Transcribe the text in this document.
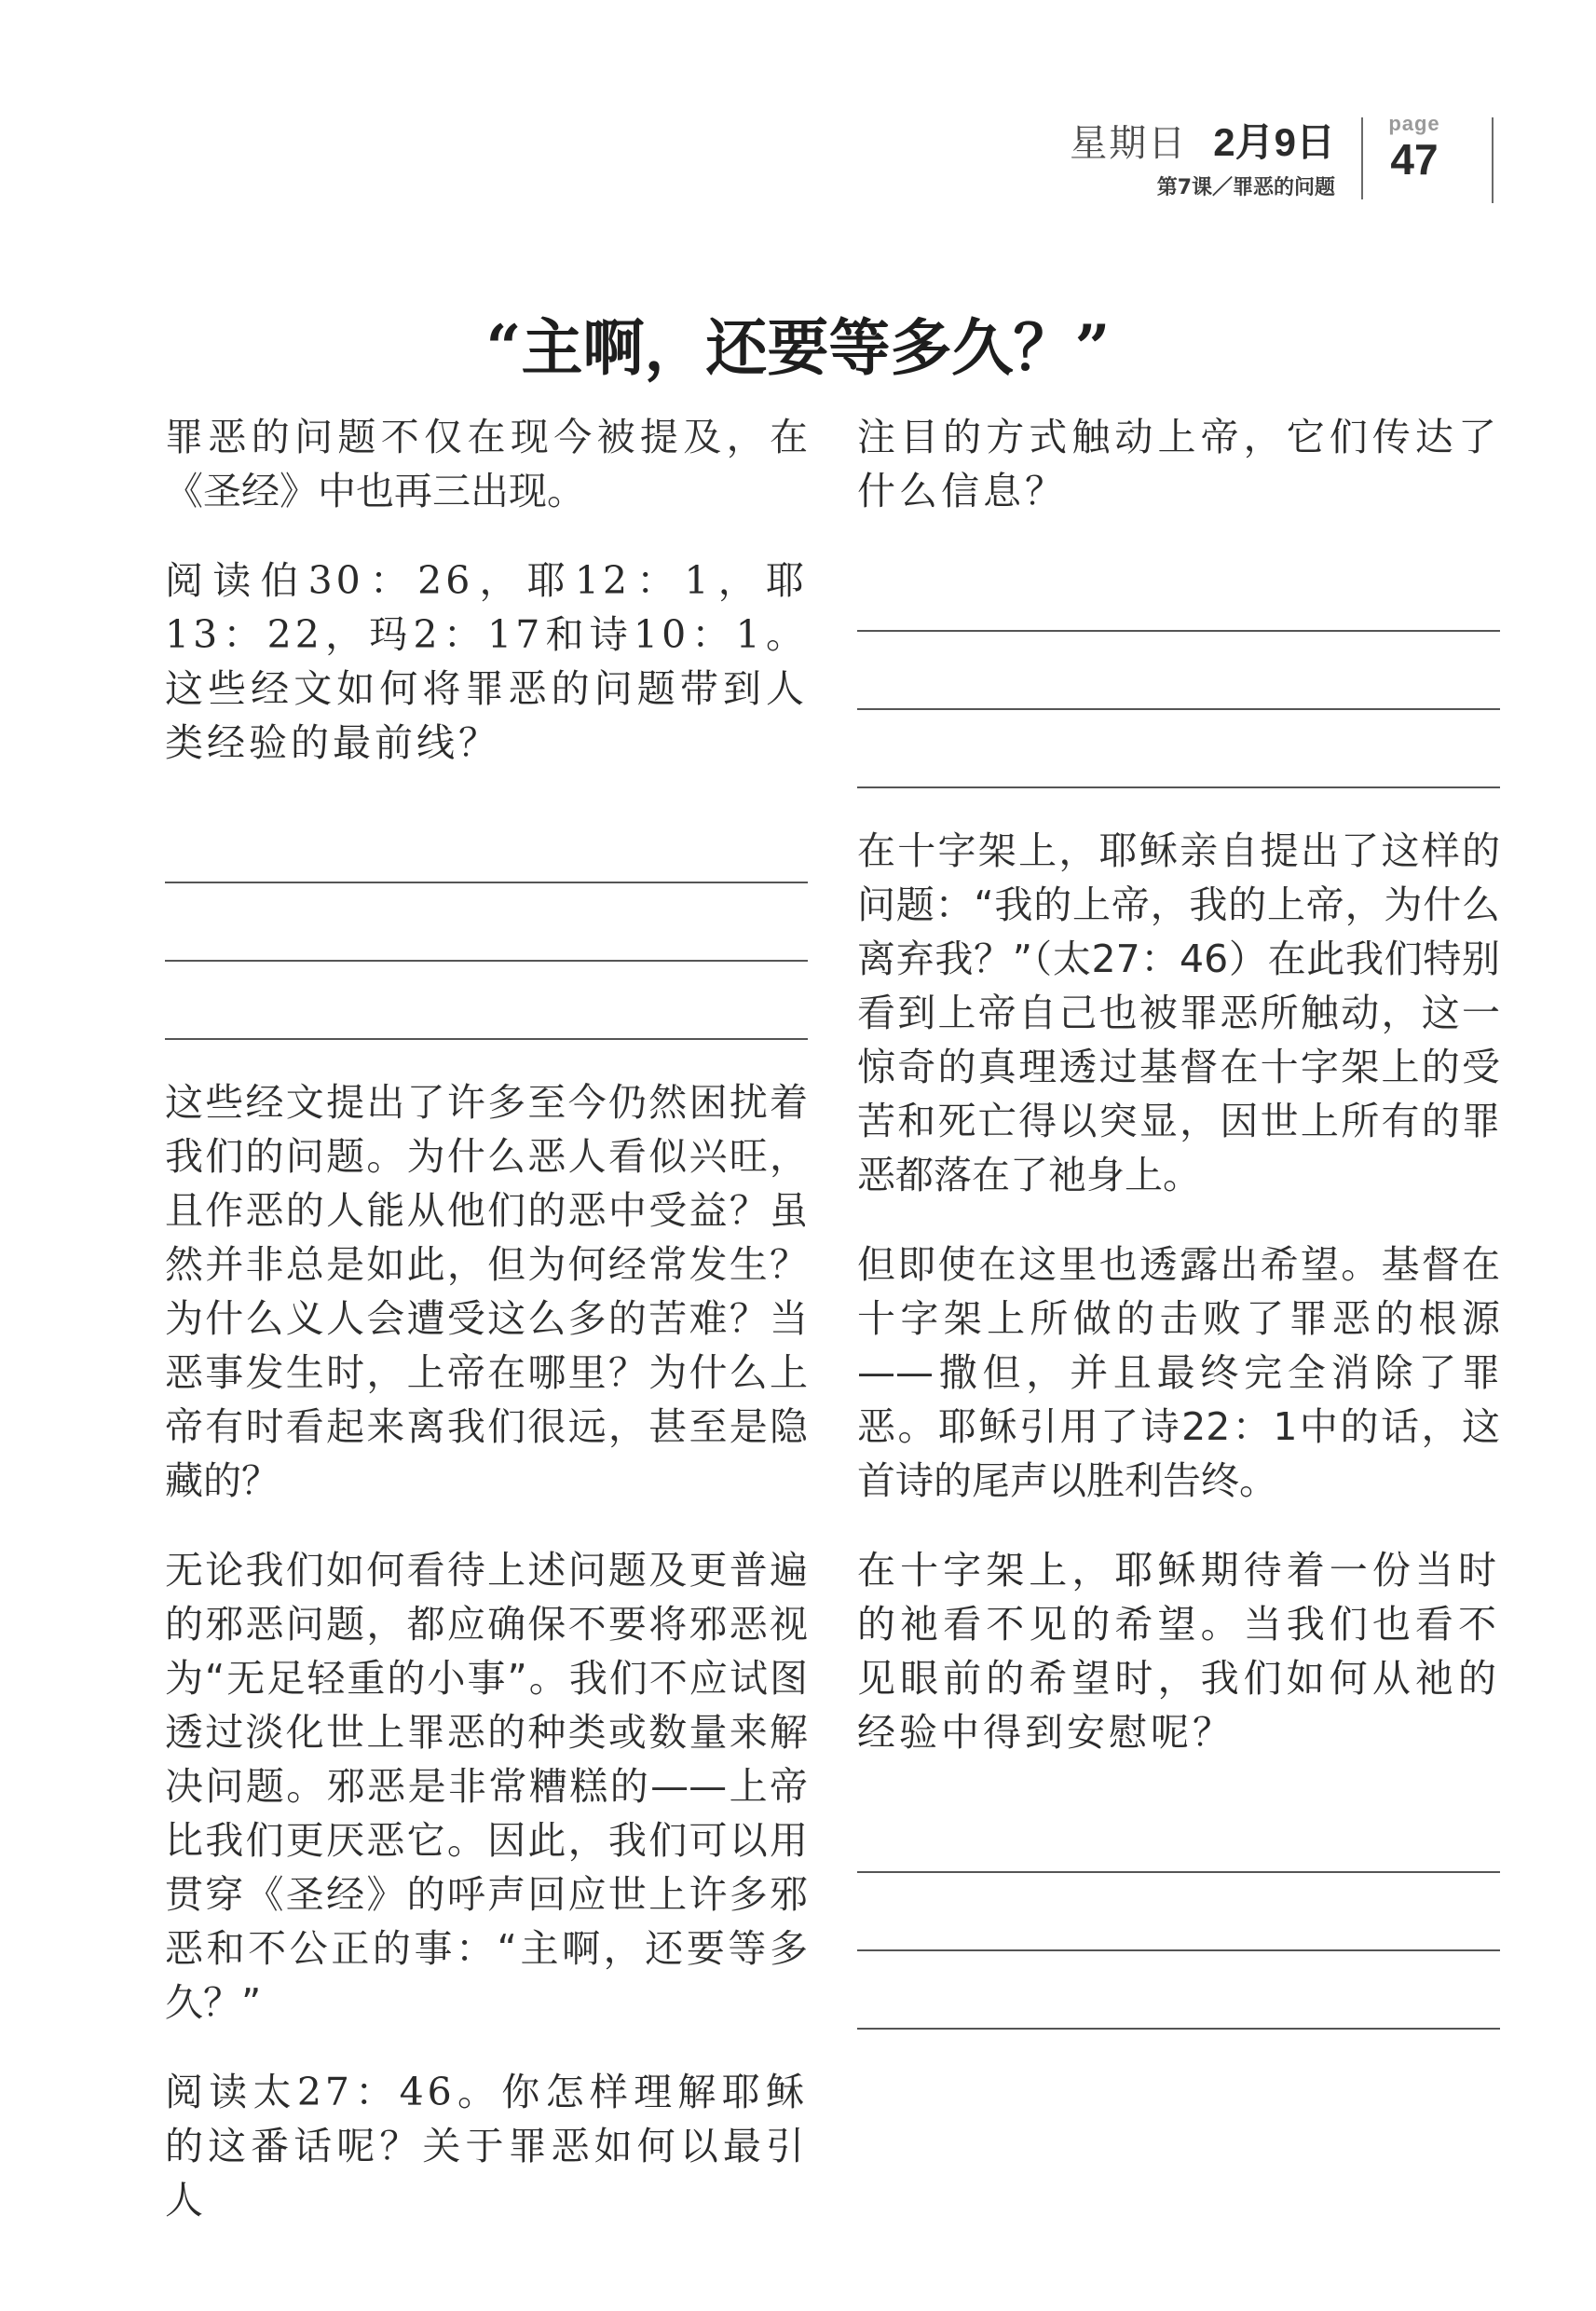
星期日 2月9日
第7课／罪恶的问题
page
47
“主啊，还要等多久？”

罪恶的问题不仅在现今被提及，在《圣经》中也再三出现。

阅读伯30：26，耶12：1，耶13：22，玛2：17和诗10：1。这些经文如何将罪恶的问题带到人类经验的最前线？

这些经文提出了许多至今仍然困扰着我们的问题。为什么恶人看似兴旺，且作恶的人能从他们的恶中受益？虽然并非总是如此，但为何经常发生？为什么义人会遭受这么多的苦难？当恶事发生时，上帝在哪里？为什么上帝有时看起来离我们很远，甚至是隐藏的？

无论我们如何看待上述问题及更普遍的邪恶问题，都应确保不要将邪恶视为“无足轻重的小事”。我们不应试图透过淡化世上罪恶的种类或数量来解决问题。邪恶是非常糟糕的——上帝比我们更厌恶它。因此，我们可以用贯穿《圣经》的呼声回应世上许多邪恶和不公正的事：“主啊，还要等多久？”

阅读太27：46。你怎样理解耶稣的这番话呢？关于罪恶如何以最引人

注目的方式触动上帝，它们传达了什么信息？

在十字架上，耶稣亲自提出了这样的问题：“我的上帝，我的上帝，为什么离弃我？”（太27：46）在此我们特别看到上帝自己也被罪恶所触动，这一惊奇的真理透过基督在十字架上的受苦和死亡得以突显，因世上所有的罪恶都落在了祂身上。

但即使在这里也透露出希望。基督在十字架上所做的击败了罪恶的根源——撒但，并且最终完全消除了罪恶。耶稣引用了诗22：1中的话，这首诗的尾声以胜利告终。

在十字架上，耶稣期待着一份当时的祂看不见的希望。当我们也看不见眼前的希望时，我们如何从祂的经验中得到安慰呢？
